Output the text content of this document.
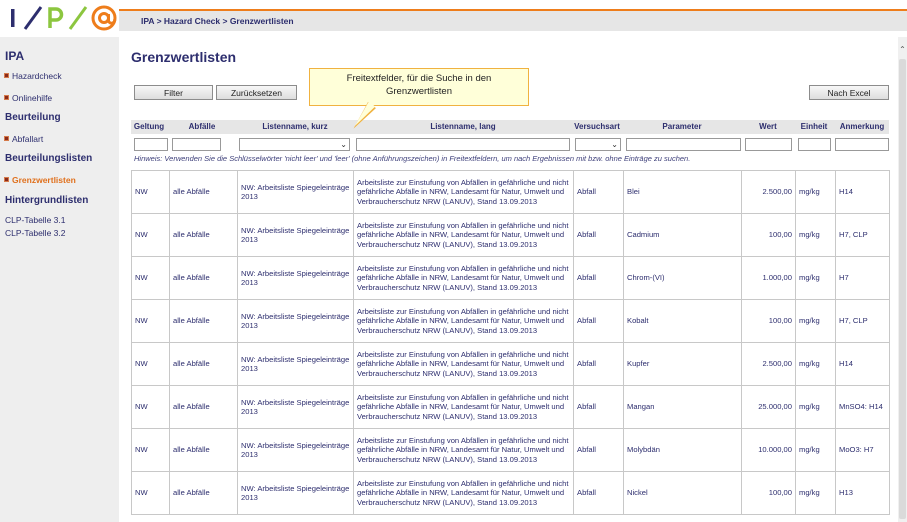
IPA > Hazard Check > Grenzwertlisten
IPA
Hazardcheck
Onlinehilfe
Beurteilung
Abfallart
Beurteilungslisten
Grenzwertlisten
Hintergrundlisten
CLP-Tabelle 3.1
CLP-Tabelle 3.2
Grenzwertlisten
Filter	Zurücksetzen	Nach Excel
Freitextfelder, für die Suche in den
Grenzwertlisten
Geltung	Abfälle	Listenname, kurz	Listenname, lang	Versuchsart	Parameter	Wert	Einheit	Anmerkung
⌄	⌄
Hinweis: Verwenden Sie die Schlüsselwörter 'nicht leer' und 'leer' (ohne Anführungszeichen) in Freitextfeldern, um nach Ergebnissen mit bzw. ohne Einträge zu suchen.
NW	alle Abfälle	NW: Arbeitsliste Spiegeleinträge 2013	Arbeitsliste zur Einstufung von Abfällen in gefährliche und nicht gefährliche Abfälle in NRW, Landesamt für Natur, Umwelt und Verbraucherschutz NRW (LANUV), Stand 13.09.2013	Abfall	Blei	2.500,00	mg/kg	H14
NW	alle Abfälle	NW: Arbeitsliste Spiegeleinträge 2013	Arbeitsliste zur Einstufung von Abfällen in gefährliche und nicht gefährliche Abfälle in NRW, Landesamt für Natur, Umwelt und Verbraucherschutz NRW (LANUV), Stand 13.09.2013	Abfall	Cadmium	100,00	mg/kg	H7, CLP
NW	alle Abfälle	NW: Arbeitsliste Spiegeleinträge 2013	Arbeitsliste zur Einstufung von Abfällen in gefährliche und nicht gefährliche Abfälle in NRW, Landesamt für Natur, Umwelt und Verbraucherschutz NRW (LANUV), Stand 13.09.2013	Abfall	Chrom-(VI)	1.000,00	mg/kg	H7
NW	alle Abfälle	NW: Arbeitsliste Spiegeleinträge 2013	Arbeitsliste zur Einstufung von Abfällen in gefährliche und nicht gefährliche Abfälle in NRW, Landesamt für Natur, Umwelt und Verbraucherschutz NRW (LANUV), Stand 13.09.2013	Abfall	Kobalt	100,00	mg/kg	H7, CLP
NW	alle Abfälle	NW: Arbeitsliste Spiegeleinträge 2013	Arbeitsliste zur Einstufung von Abfällen in gefährliche und nicht gefährliche Abfälle in NRW, Landesamt für Natur, Umwelt und Verbraucherschutz NRW (LANUV), Stand 13.09.2013	Abfall	Kupfer	2.500,00	mg/kg	H14
NW	alle Abfälle	NW: Arbeitsliste Spiegeleinträge 2013	Arbeitsliste zur Einstufung von Abfällen in gefährliche und nicht gefährliche Abfälle in NRW, Landesamt für Natur, Umwelt und Verbraucherschutz NRW (LANUV), Stand 13.09.2013	Abfall	Mangan	25.000,00	mg/kg	MnSO4: H14
NW	alle Abfälle	NW: Arbeitsliste Spiegeleinträge 2013	Arbeitsliste zur Einstufung von Abfällen in gefährliche und nicht gefährliche Abfälle in NRW, Landesamt für Natur, Umwelt und Verbraucherschutz NRW (LANUV), Stand 13.09.2013	Abfall	Molybdän	10.000,00	mg/kg	MoO3: H7
NW	alle Abfälle	NW: Arbeitsliste Spiegeleinträge 2013	Arbeitsliste zur Einstufung von Abfällen in gefährliche und nicht gefährliche Abfälle in NRW, Landesamt für Natur, Umwelt und Verbraucherschutz NRW (LANUV), Stand 13.09.2013	Abfall	Nickel	100,00	mg/kg	H13
⌃
